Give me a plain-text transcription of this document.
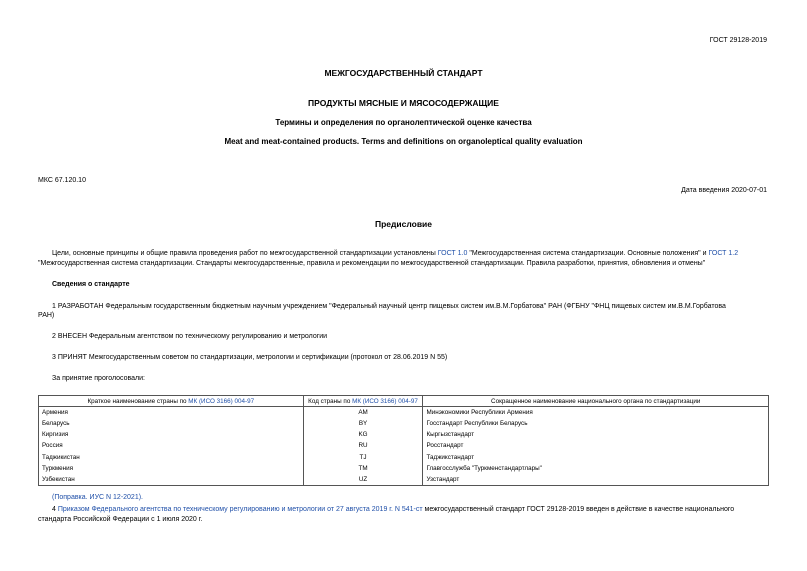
ГОСТ 29128-2019
МЕЖГОСУДАРСТВЕННЫЙ СТАНДАРТ
ПРОДУКТЫ МЯСНЫЕ И МЯСОСОДЕРЖАЩИЕ
Термины и определения по органолептической оценке качества
Meat and meat-contained products. Terms and definitions on organoleptical quality evaluation
МКС 67.120.10
Дата введения 2020-07-01
Предисловие
Цели, основные принципы и общие правила проведения работ по межгосударственной стандартизации установлены ГОСТ 1.0 "Межгосударственная система стандартизации. Основные положения" и ГОСТ 1.2
"Межгосударственная система стандартизации. Стандарты межгосударственные, правила и рекомендации по межгосударственной стандартизации. Правила разработки, принятия, обновления и отмены"
Сведения о стандарте
1 РАЗРАБОТАН Федеральным государственным бюджетным научным учреждением "Федеральный научный центр пищевых систем им.В.М.Горбатова" РАН (ФГБНУ "ФНЦ пищевых систем им.В.М.Горбатова
РАН)
2 ВНЕСЕН Федеральным агентством по техническому регулированию и метрологии
3 ПРИНЯТ Межгосударственным советом по стандартизации, метрологии и сертификации (протокол от 28.06.2019 N 55)
За принятие проголосовали:
Краткое наименование страны по МК (ИСО 3166) 004-97	Код страны по МК (ИСО 3166) 004-97	Сокращенное наименование национального органа по стандартизации
Армения	AM	Минэкономики Республики Армения
Беларусь	BY	Госстандарт Республики Беларусь
Киргизия	KG	Кыргызстандарт
Россия	RU	Росстандарт
Таджикистан	TJ	Таджикстандарт
Туркмения	TM	Главгосслужба "Туркменстандартлары"
Узбекистан	UZ	Узстандарт
(Поправка. ИУС N 12-2021).
4 Приказом Федерального агентства по техническому регулированию и метрологии от 27 августа 2019 г. N 541-ст межгосударственный стандарт ГОСТ 29128-2019 введен в действие в качестве национального
стандарта Российской Федерации с 1 июля 2020 г.
